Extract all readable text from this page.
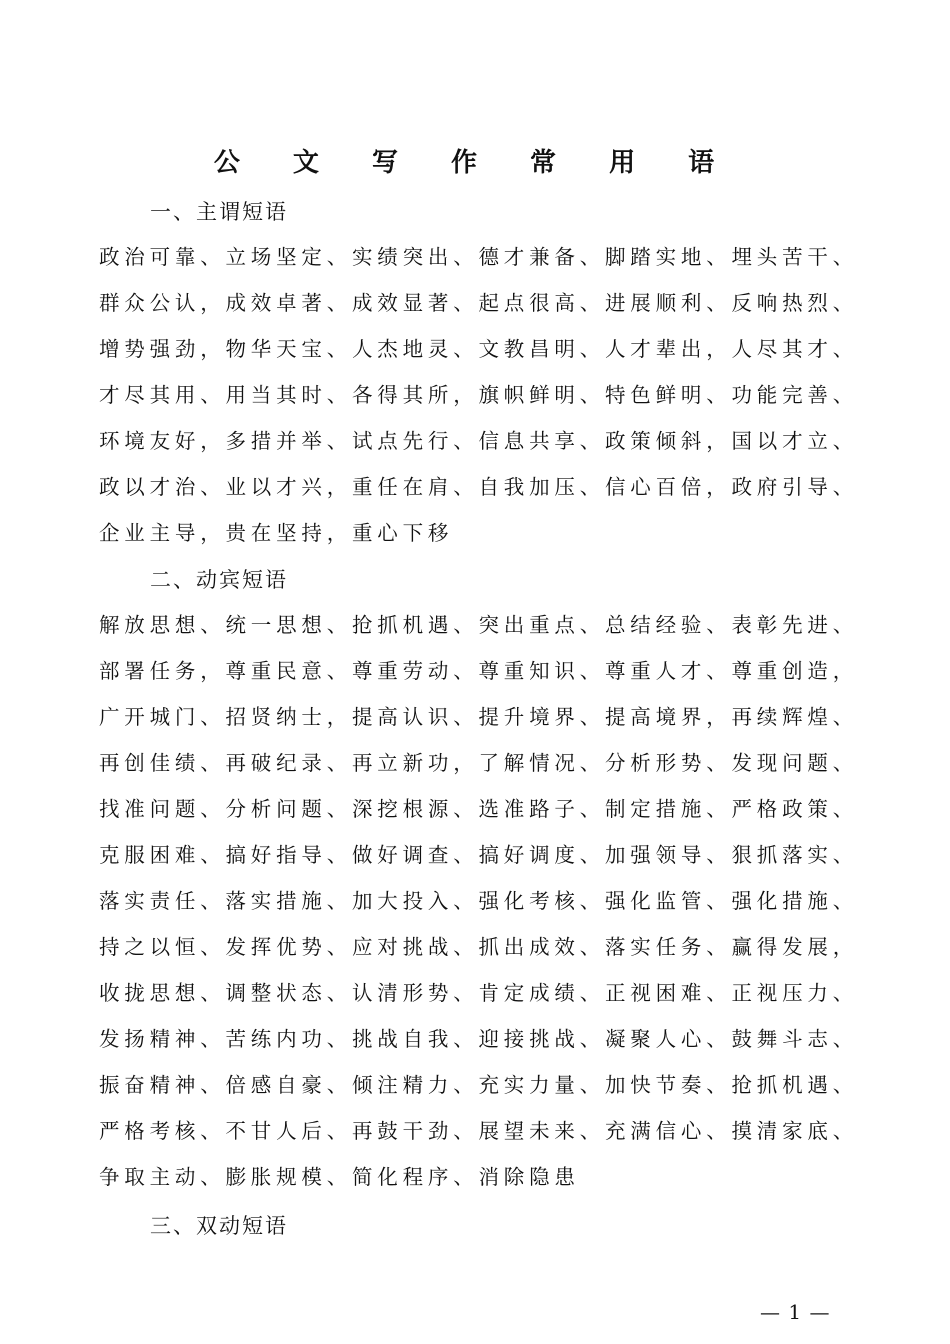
公 文 写 作 常 用 语
一、主谓短语
政治可靠、立场坚定、实绩突出、德才兼备、脚踏实地、埋头苦干、
群众公认，成效卓著、成效显著、起点很高、进展顺利、反响热烈、
增势强劲，物华天宝、人杰地灵、文教昌明、人才辈出，人尽其才、
才尽其用、用当其时、各得其所，旗帜鲜明、特色鲜明、功能完善、
环境友好，多措并举、试点先行、信息共享、政策倾斜，国以才立、
政以才治、业以才兴，重任在肩、自我加压、信心百倍，政府引导、
企业主导，贵在坚持，重心下移
二、动宾短语
解放思想、统一思想、抢抓机遇、突出重点、总结经验、表彰先进、
部署任务，尊重民意、尊重劳动、尊重知识、尊重人才、尊重创造，
广开城门、招贤纳士，提高认识、提升境界、提高境界，再续辉煌、
再创佳绩、再破纪录、再立新功，了解情况、分析形势、发现问题、
找准问题、分析问题、深挖根源、选准路子、制定措施、严格政策、
克服困难、搞好指导、做好调查、搞好调度、加强领导、狠抓落实、
落实责任、落实措施、加大投入、强化考核、强化监管、强化措施、
持之以恒、发挥优势、应对挑战、抓出成效、落实任务、赢得发展，
收拢思想、调整状态、认清形势、肯定成绩、正视困难、正视压力、
发扬精神、苦练内功、挑战自我、迎接挑战、凝聚人心、鼓舞斗志、
振奋精神、倍感自豪、倾注精力、充实力量、加快节奏、抢抓机遇、
严格考核、不甘人后、再鼓干劲、展望未来、充满信心、摸清家底、
争取主动、膨胀规模、简化程序、消除隐患
三、双动短语
— 1 —
